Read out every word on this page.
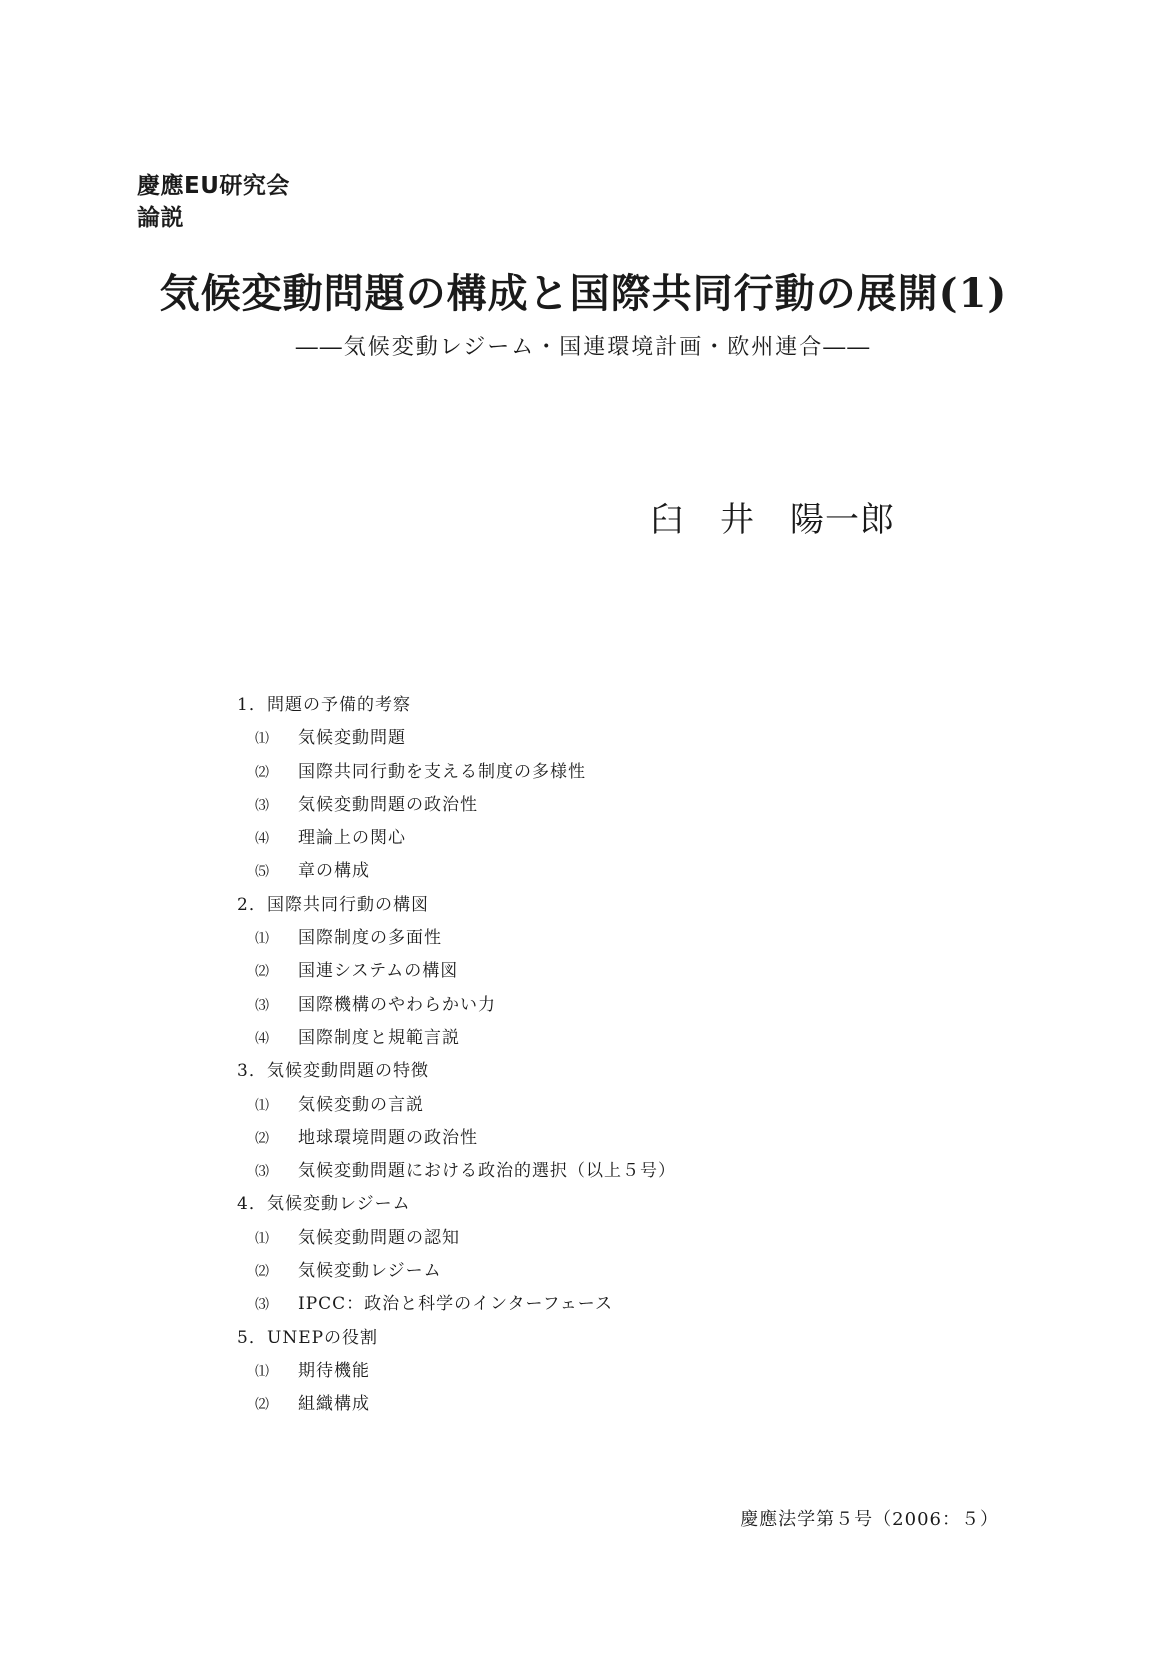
慶應EU研究会
論説
気候変動問題の構成と国際共同行動の展開(1)
――気候変動レジーム・国連環境計画・欧州連合――
臼　井　陽一郎
1．問題の予備的考察
⑴ 気候変動問題
⑵ 国際共同行動を支える制度の多様性
⑶ 気候変動問題の政治性
⑷ 理論上の関心
⑸ 章の構成
2．国際共同行動の構図
⑴ 国際制度の多面性
⑵ 国連システムの構図
⑶ 国際機構のやわらかい力
⑷ 国際制度と規範言説
3．気候変動問題の特徴
⑴ 気候変動の言説
⑵ 地球環境問題の政治性
⑶ 気候変動問題における政治的選択（以上５号）
4．気候変動レジーム
⑴ 気候変動問題の認知
⑵ 気候変動レジーム
⑶ IPCC：政治と科学のインターフェース
5．UNEPの役割
⑴ 期待機能
⑵ 組織構成
慶應法学第５号（2006：５）
